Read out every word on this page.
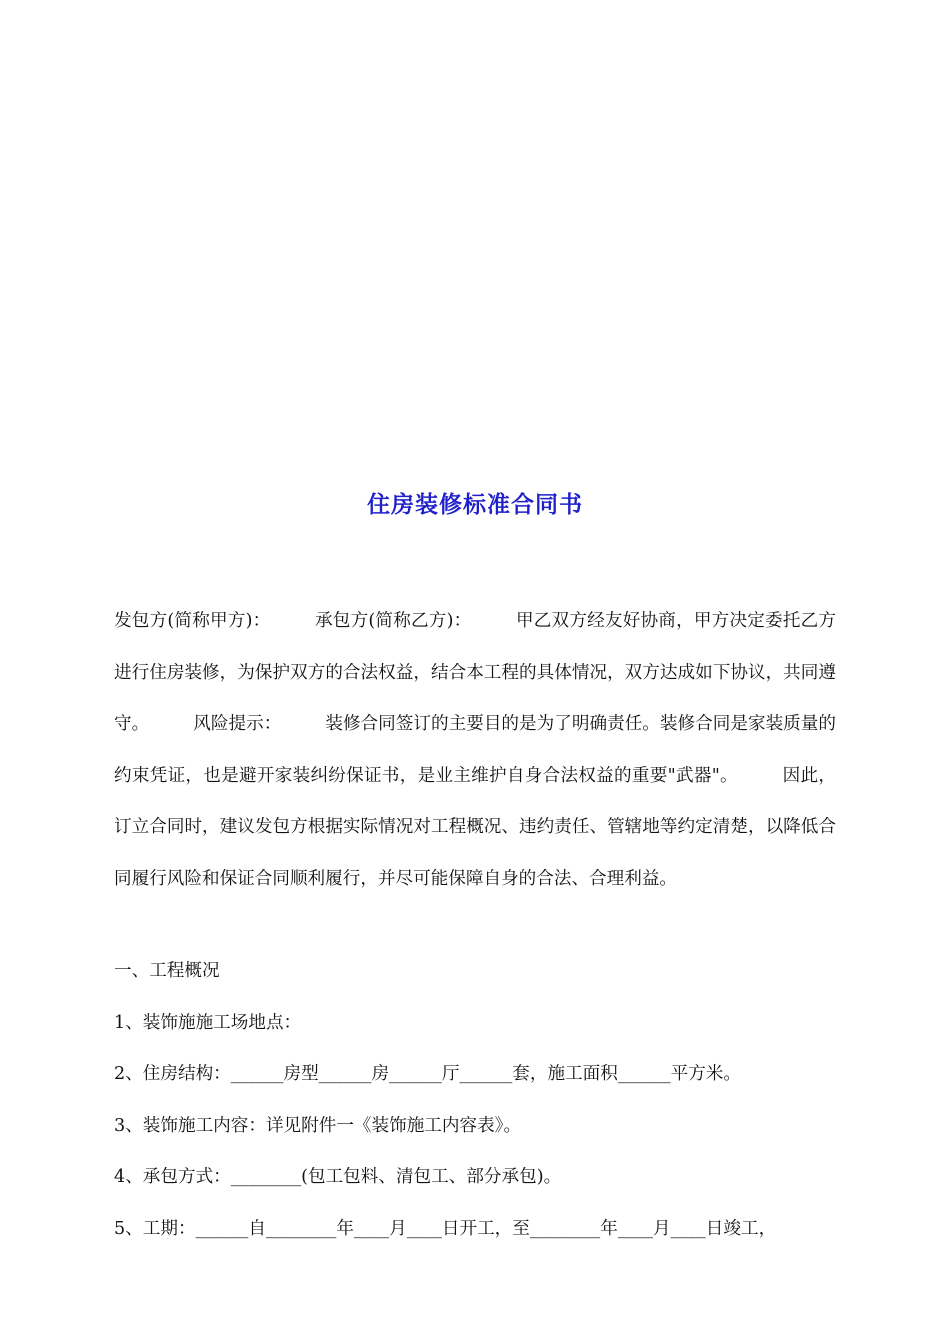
住房装修标准合同书

发包方(简称甲方)：　　　承包方(简称乙方)：　　　甲乙双方经友好协商，甲方决定委托乙方进行住房装修，为保护双方的合法权益，结合本工程的具体情况，双方达成如下协议，共同遵守。　　　风险提示：　　　装修合同签订的主要目的是为了明确责任。装修合同是家装质量的约束凭证，也是避开家装纠纷保证书，是业主维护自身合法权益的重要"武器"。　　　因此，订立合同时，建议发包方根据实际情况对工程概况、违约责任、管辖地等约定清楚，以降低合同履行风险和保证合同顺利履行，并尽可能保障自身的合法、合理利益。

一、工程概况
1、装饰施施工场地点：
2、住房结构：______房型______房______厅______套，施工面积______平方米。
3、装饰施工内容：详见附件一《装饰施工内容表》。
4、承包方式：________(包工包料、清包工、部分承包)。
5、工期：______自________年____月____日开工，至________年____月____日竣工，
